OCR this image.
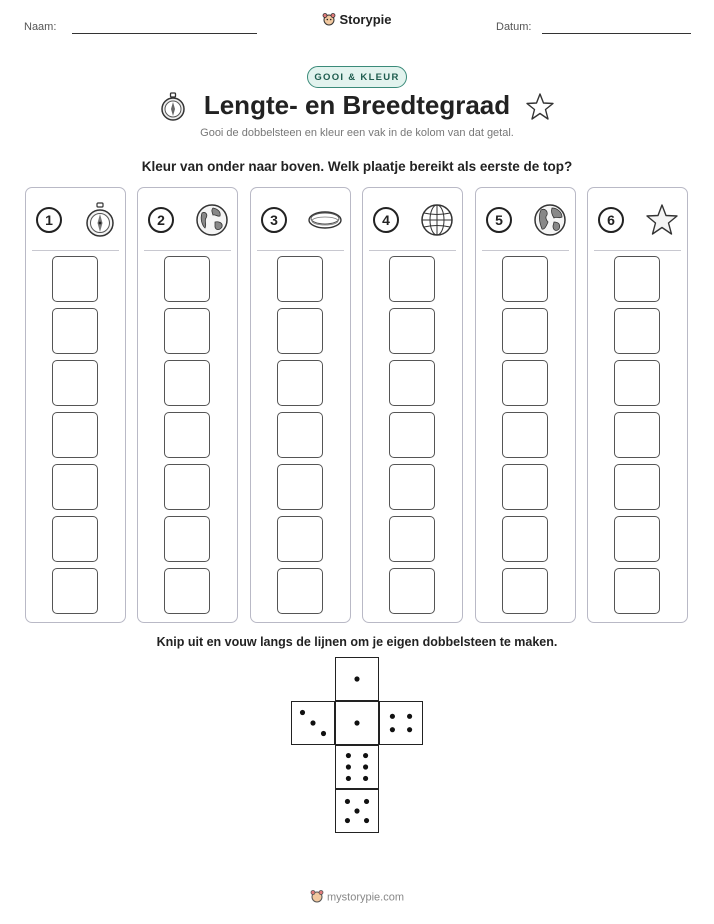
Naam:	Storypie	Datum:
GOOI & KLEUR
Lengte- en Breedtegraad
Gooi de dobbelsteen en kleur een vak in de kolom van dat getal.
Kleur van onder naar boven. Welk plaatje bereikt als eerste de top?
1	2	3	4	5	6
Knip uit en vouw langs de lijnen om je eigen dobbelsteen te maken.
mystorypie.com
